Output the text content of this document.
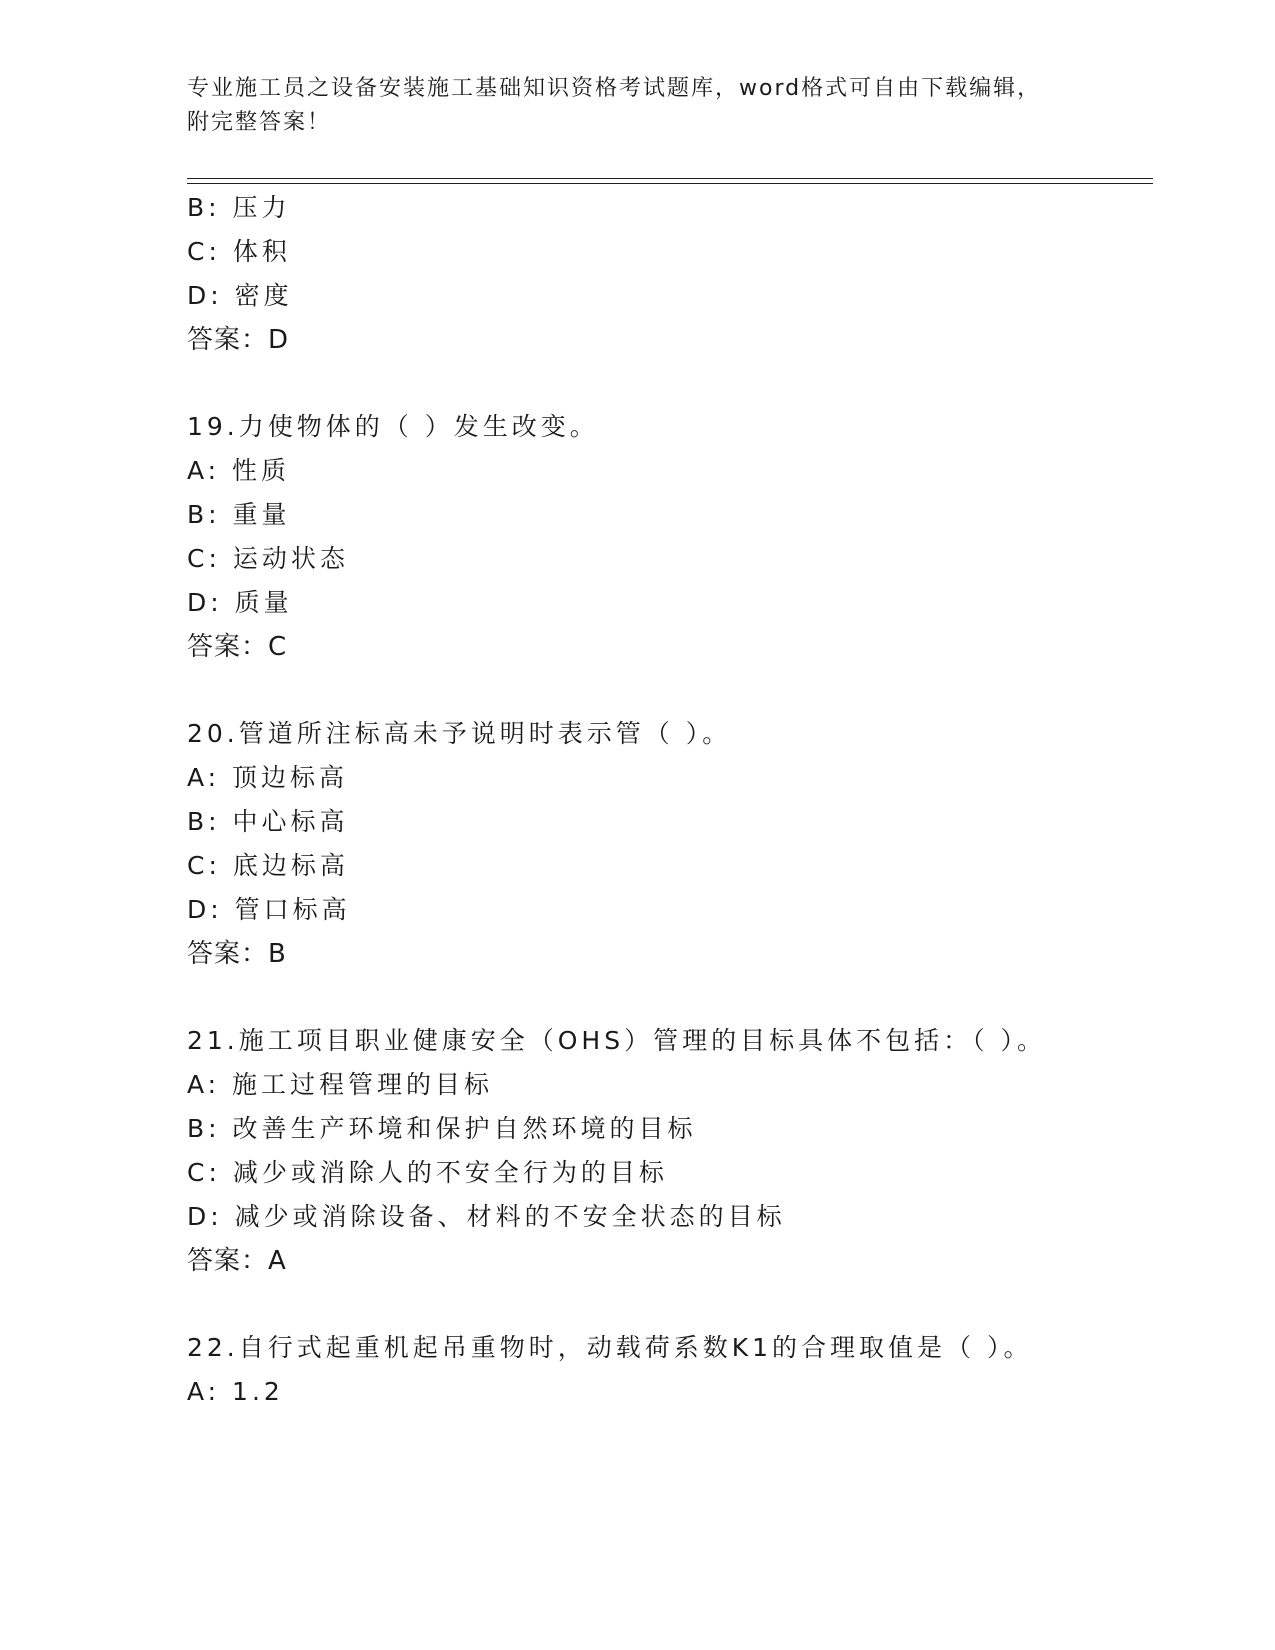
专业施工员之设备安装施工基础知识资格考试题库，word格式可自由下载编辑，
附完整答案！
B: 压力
C: 体积
D: 密度
答案：D
19.力使物体的（ ）发生改变。
A: 性质
B: 重量
C: 运动状态
D: 质量
答案：C
20.管道所注标高未予说明时表示管（ ）。
A: 顶边标高
B: 中心标高
C: 底边标高
D: 管口标高
答案：B
21.施工项目职业健康安全（OHS）管理的目标具体不包括：（ ）。
A: 施工过程管理的目标
B: 改善生产环境和保护自然环境的目标
C: 减少或消除人的不安全行为的目标
D: 减少或消除设备、材料的不安全状态的目标
答案：A
22.自行式起重机起吊重物时，动载荷系数K1的合理取值是（ ）。
A: 1.2
